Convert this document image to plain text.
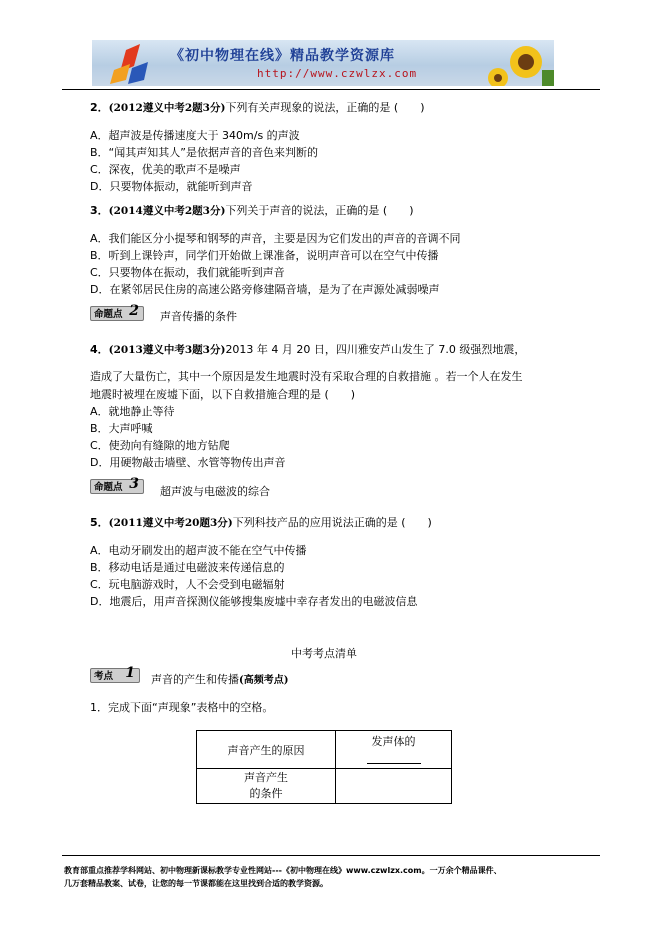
《初中物理在线》精品教学资源库
http://www.czwlzx.com
2．(2012遵义中考2题3分)下列有关声现象的说法，正确的是 (　　)
A．超声波是传播速度大于 340m/s 的声波
B．“闻其声知其人”是依据声音的音色来判断的
C．深夜，优美的歌声不是噪声
D．只要物体振动，就能听到声音
3．(2014遵义中考2题3分)下列关于声音的说法，正确的是 (　　)
A．我们能区分小提琴和钢琴的声音，主要是因为它们发出的声音的音调不同
B．听到上课铃声，同学们开始做上课准备，说明声音可以在空气中传播
C．只要物体在振动，我们就能听到声音
D．在紧邻居民住房的高速公路旁修建隔音墙，是为了在声源处减弱噪声
命题点 2 声音传播的条件
4．(2013遵义中考3题3分)2013 年 4 月 20 日，四川雅安芦山发生了 7.0 级强烈地震，
造成了大量伤亡，其中一个原因是发生地震时没有采取合理的自救措施 。若一个人在发生
地震时被埋在废墟下面，以下自救措施合理的是 (　　)
A．就地静止等待
B．大声呼喊
C．使劲向有缝隙的地方钻爬
D．用硬物敲击墙壁、水管等物传出声音
命题点 3 超声波与电磁波的综合
5．(2011遵义中考20题3分)下列科技产品的应用说法正确的是 (　　)
A．电动牙刷发出的超声波不能在空气中传播
B．移动电话是通过电磁波来传递信息的
C．玩电脑游戏时，人不会受到电磁辐射
D．地震后，用声音探测仪能够搜集废墟中幸存者发出的电磁波信息
中考考点清单
考点 1 声音的产生和传播(高频考点)
1．完成下面“声现象”表格中的空格。
声音产生的原因	发声体的

声音产生
的条件	
教育部重点推荐学科网站、初中物理新课标教学专业性网站---《初中物理在线》www.czwlzx.com。一万余个精品课件、
几万套精品教案、试卷，让您的每一节课都能在这里找到合适的教学资源。
